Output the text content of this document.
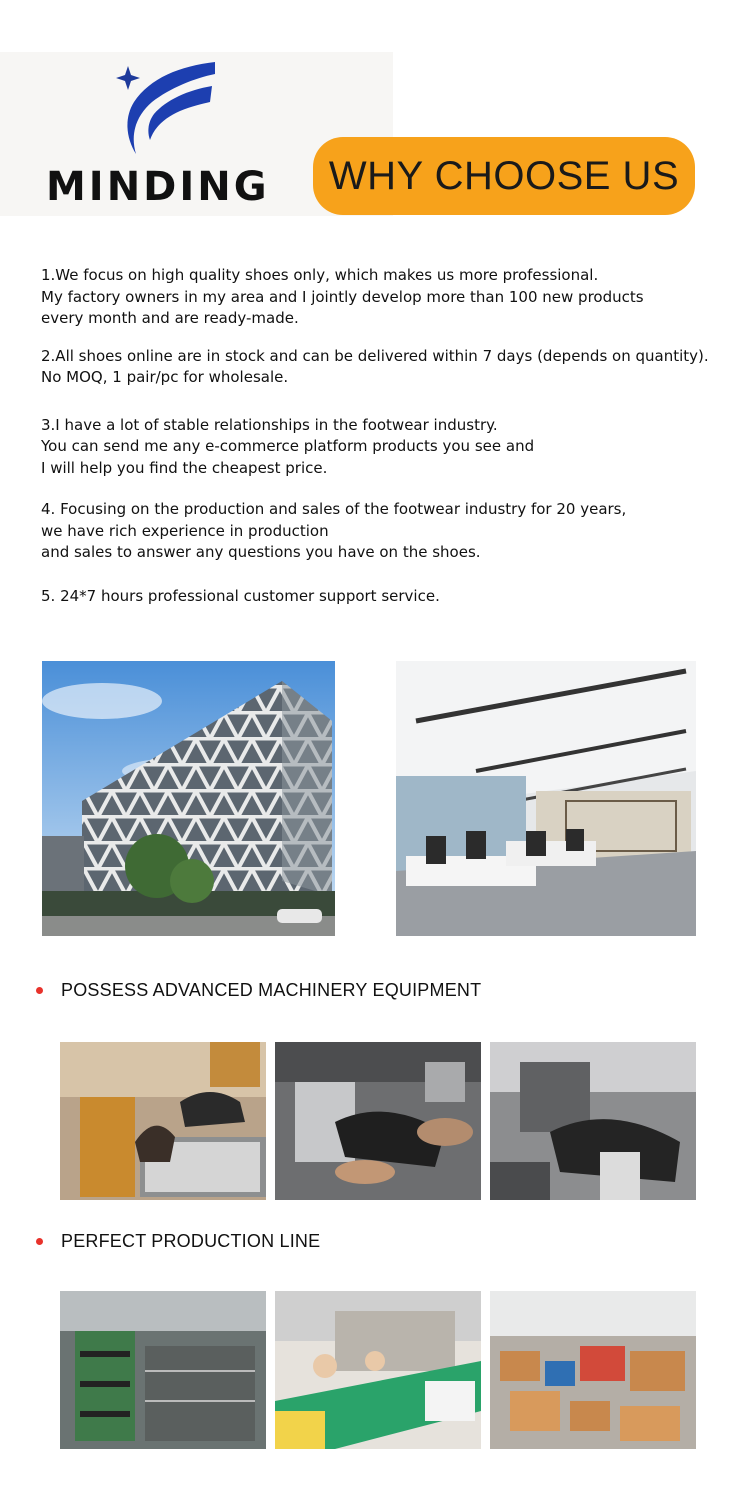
MINDING WHY CHOOSE US
1.We focus on high quality shoes only, which makes us more professional.
My factory owners in my area and I jointly develop more than 100 new products
every month and are ready-made.
2.All shoes online are in stock and can be delivered within 7 days (depends on quantity).
No MOQ, 1 pair/pc for wholesale.
3.I have a lot of stable relationships in the footwear industry.
You can send me any e-commerce platform products you see and
I will help you find the cheapest price.
4. Focusing on the production and sales of the footwear industry for 20 years,
we have rich experience in production
and sales to answer any questions you have on the shoes.
5. 24*7 hours professional customer support service.
POSSESS ADVANCED MACHINERY EQUIPMENT
PERFECT PRODUCTION LINE
